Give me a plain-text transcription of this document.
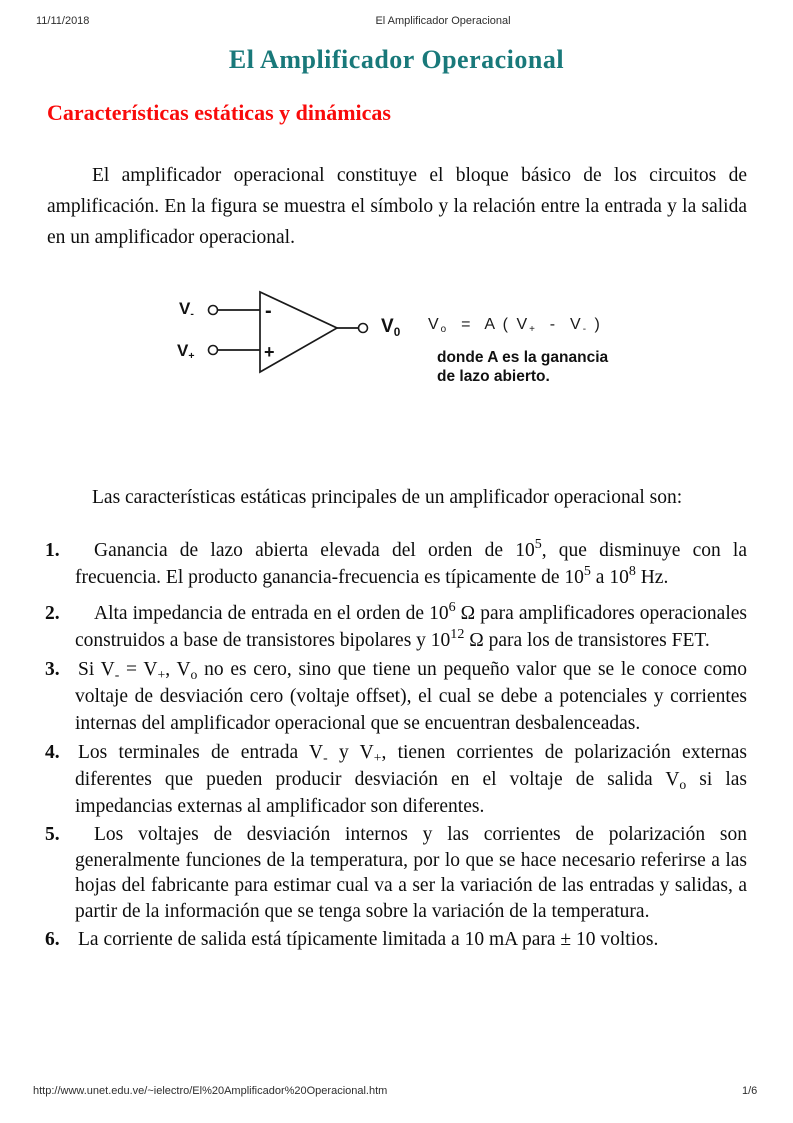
11/11/2018	El Amplificador Operacional
El Amplificador Operacional
Características estáticas y dinámicas
El amplificador operacional constituye el bloque básico de los circuitos de amplificación. En la figura se muestra el símbolo y la relación entre la entrada y la salida en un amplificador operacional.
-
+
$V_-$
$V_+$
$V_0$ $V_o = A$ ( $V_+ - V_-$ )
donde A es la ganancia
de lazo abierto.
Las características estáticas principales de un amplificador operacional son:
1.	Ganancia de lazo abierta elevada del orden de $10^5$, que disminuye con la frecuencia. El producto ganancia-frecuencia es típicamente de $10^5$ a $10^8$ Hz.
2.	Alta impedancia de entrada en el orden de $10^6$ Ω para amplificadores operacionales construidos a base de transistores bipolares y $10^{12}$ Ω para los de transistores FET.
3. Si $V_- = V_+$, $V_o$ no es cero, sino que tiene un pequeño valor que se le conoce como voltaje de desviación cero (voltaje offset), el cual se debe a potenciales y corrientes internas del amplificador operacional que se encuentran desbalenceadas.
4. Los terminales de entrada $V_-$ y $V_+$, tienen corrientes de polarización externas diferentes que pueden producir desviación en el voltaje de salida $V_o$ si las impedancias externas al amplificador son diferentes.
5.	Los voltajes de desviación internos y las corrientes de polarización son generalmente funciones de la temperatura, por lo que se hace necesario referirse a las hojas del fabricante para estimar cual va a ser la variación de las entradas y salidas, a partir de la información que se tenga sobre la variación de la temperatura.
6. La corriente de salida está típicamente limitada a 10 mA para ± 10 voltios.
http://www.unet.edu.ve/~ielectro/El%20Amplificador%20Operacional.htm	1/6
